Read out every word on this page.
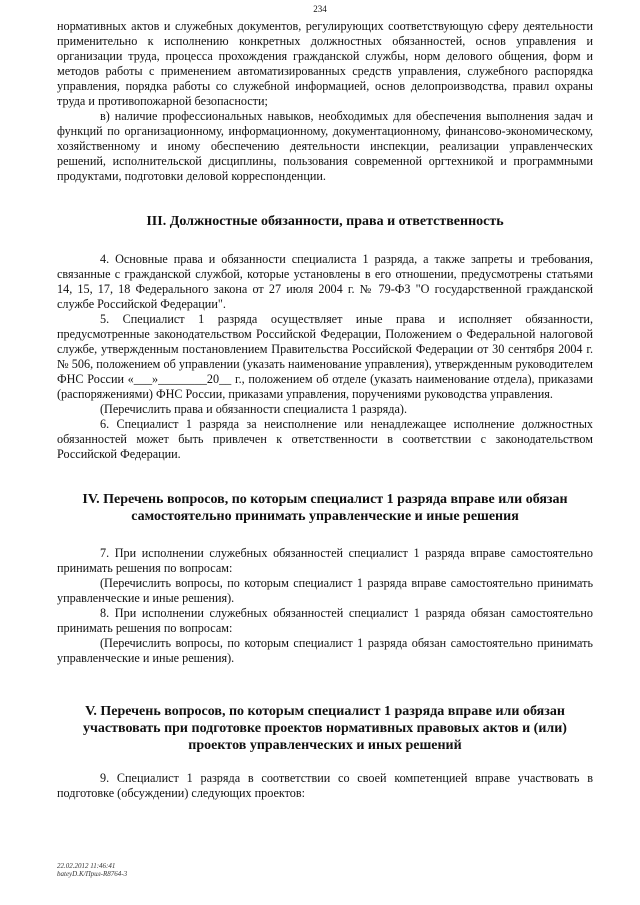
234

нормативных актов и служебных документов, регулирующих соответствующую сферу деятельности применительно к исполнению конкретных должностных обязанностей, основ управления и организации труда, процесса прохождения гражданской службы, норм делового общения, форм и методов работы с применением автоматизированных средств управления, служебного распорядка управления, порядка работы со служебной информацией, основ делопроизводства, правил охраны труда и противопожарной безопасности;

в) наличие профессиональных навыков, необходимых для обеспечения выполнения задач и функций по организационному, информационному, документационному, финансово-экономическому, хозяйственному и иному обеспечению деятельности инспекции, реализации управленческих решений, исполнительской дисциплины, пользования современной оргтехникой и программными продуктами, подготовки деловой корреспонденции.

III. Должностные обязанности, права и ответственность

4. Основные права и обязанности специалиста 1 разряда, а также запреты и требования, связанные с гражданской службой, которые установлены в его отношении, предусмотрены статьями 14, 15, 17, 18 Федерального закона от 27 июля 2004 г. № 79-ФЗ "О государственной гражданской службе Российской Федерации".

5. Специалист 1 разряда осуществляет иные права и исполняет обязанности, предусмотренные законодательством Российской Федерации, Положением о Федеральной налоговой службе, утвержденным постановлением Правительства Российской Федерации от 30 сентября 2004 г. № 506, положением об управлении (указать наименование управления), утвержденным руководителем ФНС России «___»________20__ г., положением об отделе (указать наименование отдела), приказами (распоряжениями) ФНС России, приказами управления, поручениями руководства управления.

(Перечислить права и обязанности специалиста 1 разряда).

6. Специалист 1 разряда за неисполнение или ненадлежащее исполнение должностных обязанностей может быть привлечен к ответственности в соответствии с законодательством Российской Федерации.

IV. Перечень вопросов, по которым специалист 1 разряда вправе или обязан самостоятельно принимать управленческие и иные решения

7. При исполнении служебных обязанностей специалист 1 разряда вправе самостоятельно принимать решения по вопросам:

(Перечислить вопросы, по которым специалист 1 разряда вправе самостоятельно принимать управленческие и иные решения).

8. При исполнении служебных обязанностей специалист 1 разряда обязан самостоятельно принимать решения по вопросам:

(Перечислить вопросы, по которым специалист 1 разряда обязан самостоятельно принимать управленческие и иные решения).

V. Перечень вопросов, по которым специалист 1 разряда вправе или обязан участвовать при подготовке проектов нормативных правовых актов и (или) проектов управленческих и иных решений

9. Специалист 1 разряда в соответствии со своей компетенцией вправе участвовать в подготовке (обсуждении) следующих проектов:

22.02.2012 11:46:41
bateyD.K/Прил-R8764-3
